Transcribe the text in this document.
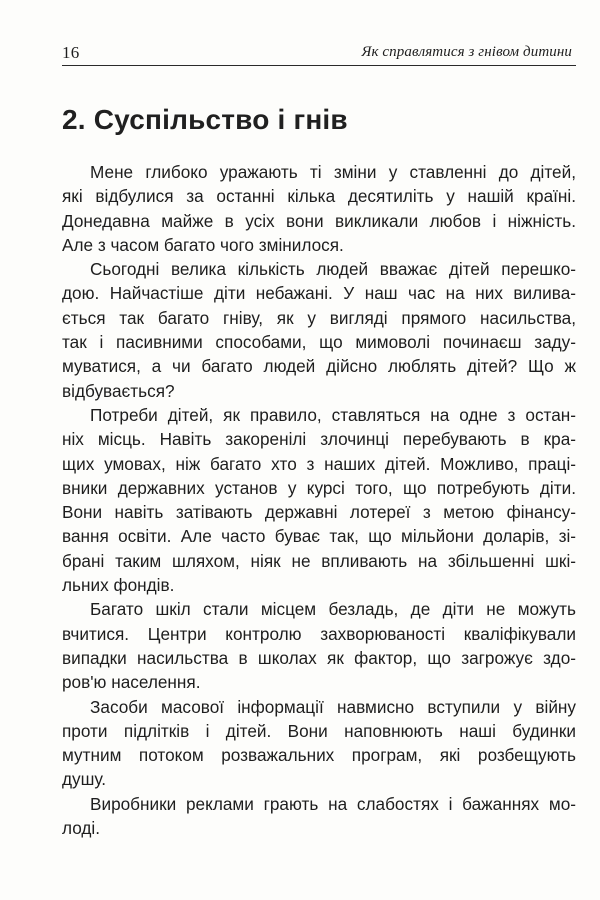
16	Як справлятися з гнівом дитини
2. Суспільство і гнів
Мене глибоко уражають ті зміни у ставленні до дітей,
які відбулися за останні кілька десятиліть у нашій країні.
Донедавна майже в усіх вони викликали любов і ніжність.
Але з часом багато чого змінилося.
Сьогодні велика кількість людей вважає дітей перешко-
дою. Найчастіше діти небажані. У наш час на них вилива-
ється так багато гніву, як у вигляді прямого насильства,
так і пасивними способами, що мимоволі починаєш заду-
муватися, а чи багато людей дійсно люблять дітей? Що ж
відбувається?
Потреби дітей, як правило, ставляться на одне з остан-
ніх місць. Навіть закоренілі злочинці перебувають в кра-
щих умовах, ніж багато хто з наших дітей. Можливо, праці-
вники державних установ у курсі того, що потребують діти.
Вони навіть затівають державні лотереї з метою фінансу-
вання освіти. Але часто буває так, що мільйони доларів, зі-
брані таким шляхом, ніяк не впливають на збільшенні шкі-
льних фондів.
Багато шкіл стали місцем безладь, де діти не можуть
вчитися. Центри контролю захворюваності кваліфікували
випадки насильства в школах як фактор, що загрожує здо-
ров'ю населення.
Засоби масової інформації навмисно вступили у війну
проти підлітків і дітей. Вони наповнюють наші будинки
мутним потоком розважальних програм, які розбещують
душу.
Виробники реклами грають на слабостях і бажаннях мо-
лоді.
